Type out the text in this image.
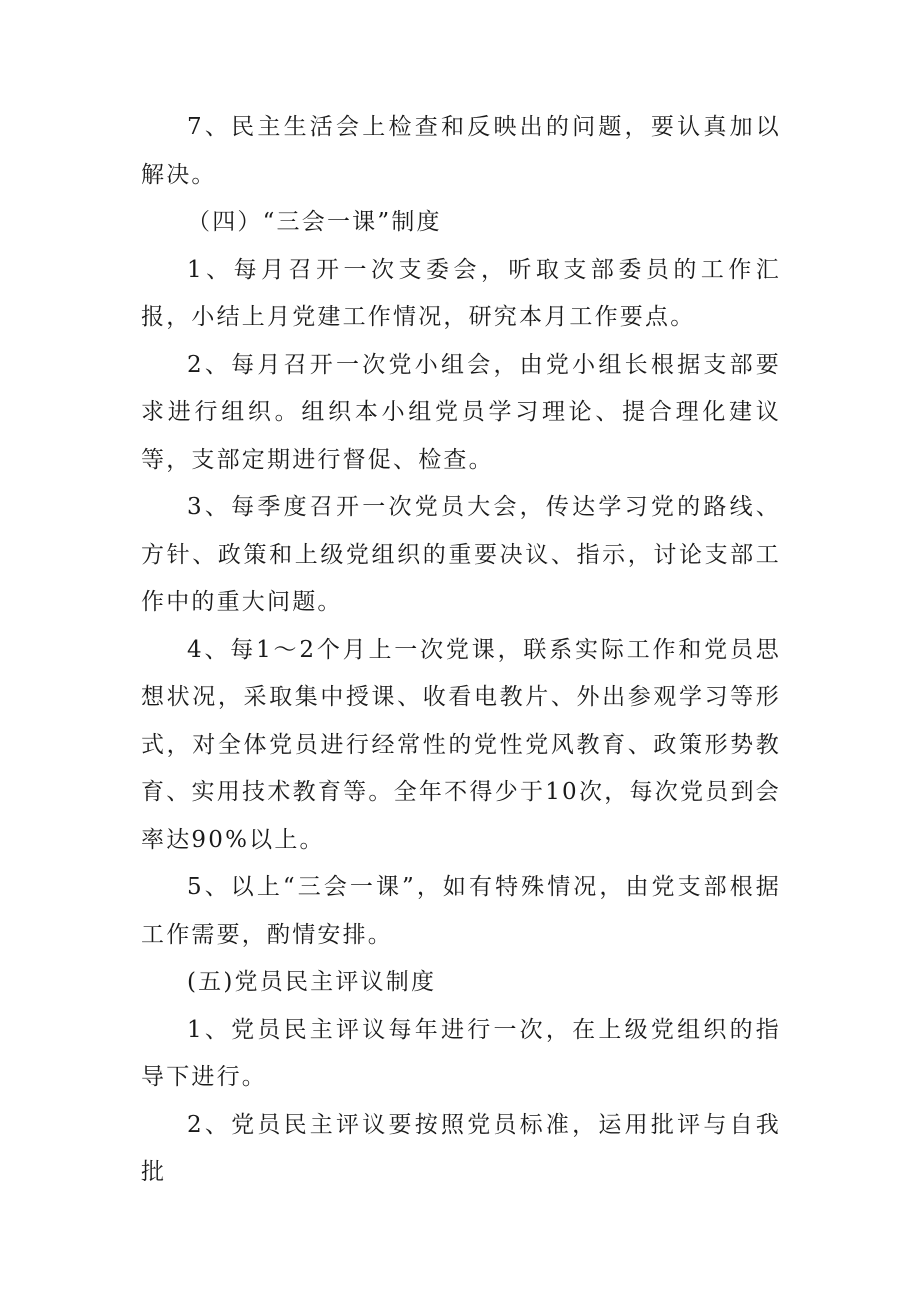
7、民主生活会上检查和反映出的问题，要认真加以解决。

（四）“三会一课”制度

1、每月召开一次支委会，听取支部委员的工作汇报，小结上月党建工作情况，研究本月工作要点。

2、每月召开一次党小组会，由党小组长根据支部要求进行组织。组织本小组党员学习理论、提合理化建议等，支部定期进行督促、检查。

3、每季度召开一次党员大会，传达学习党的路线、方针、政策和上级党组织的重要决议、指示，讨论支部工作中的重大问题。

4、每1～2个月上一次党课，联系实际工作和党员思想状况，采取集中授课、收看电教片、外出参观学习等形式，对全体党员进行经常性的党性党风教育、政策形势教育、实用技术教育等。全年不得少于10次，每次党员到会率达90%以上。

5、以上“三会一课”，如有特殊情况，由党支部根据工作需要，酌情安排。

(五)党员民主评议制度

1、党员民主评议每年进行一次，在上级党组织的指导下进行。

2、党员民主评议要按照党员标准，运用批评与自我批
